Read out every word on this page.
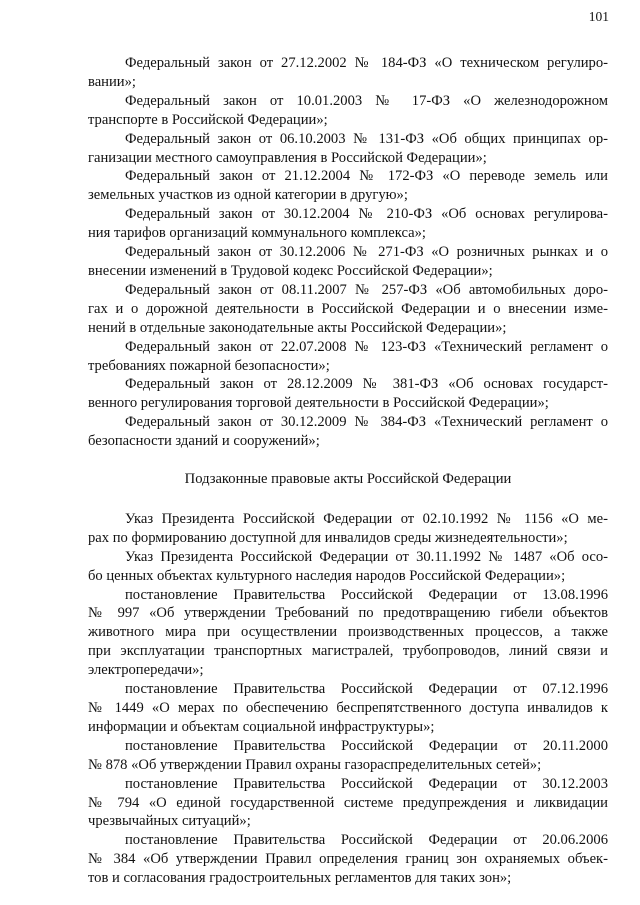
101

Федеральный закон от 27.12.2002 № 184-ФЗ «О техническом регулиро-
вании»;

Федеральный закон от 10.01.2003 № 17-ФЗ «О железнодорожном
транспорте в Российской Федерации»;

Федеральный закон от 06.10.2003 № 131-ФЗ «Об общих принципах ор-
ганизации местного самоуправления в Российской Федерации»;

Федеральный закон от 21.12.2004 № 172-ФЗ «О переводе земель или
земельных участков из одной категории в другую»;

Федеральный закон от 30.12.2004 № 210-ФЗ «Об основах регулирова-
ния тарифов организаций коммунального комплекса»;

Федеральный закон от 30.12.2006 № 271-ФЗ «О розничных рынках и о
внесении изменений в Трудовой кодекс Российской Федерации»;

Федеральный закон от 08.11.2007 № 257-ФЗ «Об автомобильных доро-
гах и о дорожной деятельности в Российской Федерации и о внесении изме-
нений в отдельные законодательные акты Российской Федерации»;

Федеральный закон от 22.07.2008 № 123-ФЗ «Технический регламент о
требованиях пожарной безопасности»;

Федеральный закон от 28.12.2009 № 381-ФЗ «Об основах государст-
венного регулирования торговой деятельности в Российской Федерации»;

Федеральный закон от 30.12.2009 № 384-ФЗ «Технический регламент о
безопасности зданий и сооружений»;

Подзаконные правовые акты Российской Федерации

Указ Президента Российской Федерации от 02.10.1992 № 1156 «О ме-
рах по формированию доступной для инвалидов среды жизнедеятельности»;

Указ Президента Российской Федерации от 30.11.1992 № 1487 «Об осо-
бо ценных объектах культурного наследия народов Российской Федерации»;

постановление Правительства Российской Федерации от 13.08.1996
№ 997 «Об утверждении Требований по предотвращению гибели объектов
животного мира при осуществлении производственных процессов, а также
при эксплуатации транспортных магистралей, трубопроводов, линий связи и
электропередачи»;

постановление Правительства Российской Федерации от 07.12.1996
№ 1449 «О мерах по обеспечению беспрепятственного доступа инвалидов к
информации и объектам социальной инфраструктуры»;

постановление Правительства Российской Федерации от 20.11.2000
№ 878 «Об утверждении Правил охраны газораспределительных сетей»;

постановление Правительства Российской Федерации от 30.12.2003
№ 794 «О единой государственной системе предупреждения и ликвидации
чрезвычайных ситуаций»;

постановление Правительства Российской Федерации от 20.06.2006
№ 384 «Об утверждении Правил определения границ зон охраняемых объек-
тов и согласования градостроительных регламентов для таких зон»;
